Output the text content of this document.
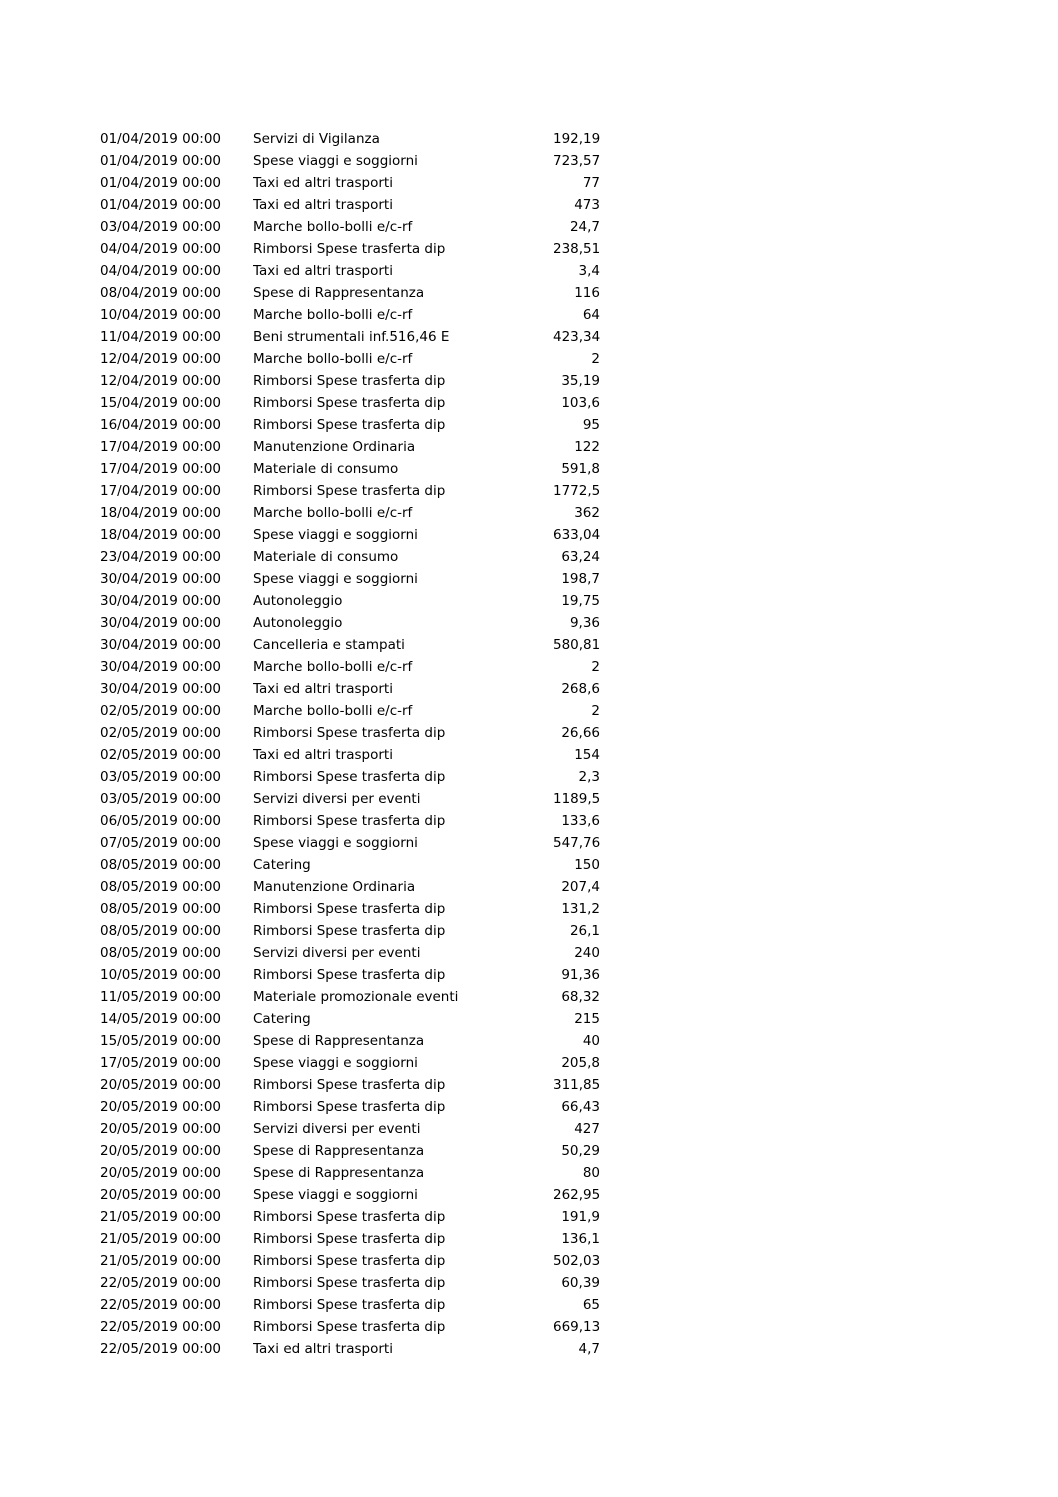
01/04/2019 00:00	Servizi di Vigilanza	192,19
01/04/2019 00:00	Spese viaggi e soggiorni	723,57
01/04/2019 00:00	Taxi ed altri trasporti	77
01/04/2019 00:00	Taxi ed altri trasporti	473
03/04/2019 00:00	Marche bollo-bolli e/c-rf	24,7
04/04/2019 00:00	Rimborsi Spese trasferta dip	238,51
04/04/2019 00:00	Taxi ed altri trasporti	3,4
08/04/2019 00:00	Spese di Rappresentanza	116
10/04/2019 00:00	Marche bollo-bolli e/c-rf	64
11/04/2019 00:00	Beni strumentali inf.516,46 E	423,34
12/04/2019 00:00	Marche bollo-bolli e/c-rf	2
12/04/2019 00:00	Rimborsi Spese trasferta dip	35,19
15/04/2019 00:00	Rimborsi Spese trasferta dip	103,6
16/04/2019 00:00	Rimborsi Spese trasferta dip	95
17/04/2019 00:00	Manutenzione Ordinaria	122
17/04/2019 00:00	Materiale di consumo	591,8
17/04/2019 00:00	Rimborsi Spese trasferta dip	1772,5
18/04/2019 00:00	Marche bollo-bolli e/c-rf	362
18/04/2019 00:00	Spese viaggi e soggiorni	633,04
23/04/2019 00:00	Materiale di consumo	63,24
30/04/2019 00:00	Spese viaggi e soggiorni	198,7
30/04/2019 00:00	Autonoleggio	19,75
30/04/2019 00:00	Autonoleggio	9,36
30/04/2019 00:00	Cancelleria e stampati	580,81
30/04/2019 00:00	Marche bollo-bolli e/c-rf	2
30/04/2019 00:00	Taxi ed altri trasporti	268,6
02/05/2019 00:00	Marche bollo-bolli e/c-rf	2
02/05/2019 00:00	Rimborsi Spese trasferta dip	26,66
02/05/2019 00:00	Taxi ed altri trasporti	154
03/05/2019 00:00	Rimborsi Spese trasferta dip	2,3
03/05/2019 00:00	Servizi diversi per eventi	1189,5
06/05/2019 00:00	Rimborsi Spese trasferta dip	133,6
07/05/2019 00:00	Spese viaggi e soggiorni	547,76
08/05/2019 00:00	Catering	150
08/05/2019 00:00	Manutenzione Ordinaria	207,4
08/05/2019 00:00	Rimborsi Spese trasferta dip	131,2
08/05/2019 00:00	Rimborsi Spese trasferta dip	26,1
08/05/2019 00:00	Servizi diversi per eventi	240
10/05/2019 00:00	Rimborsi Spese trasferta dip	91,36
11/05/2019 00:00	Materiale promozionale eventi	68,32
14/05/2019 00:00	Catering	215
15/05/2019 00:00	Spese di Rappresentanza	40
17/05/2019 00:00	Spese viaggi e soggiorni	205,8
20/05/2019 00:00	Rimborsi Spese trasferta dip	311,85
20/05/2019 00:00	Rimborsi Spese trasferta dip	66,43
20/05/2019 00:00	Servizi diversi per eventi	427
20/05/2019 00:00	Spese di Rappresentanza	50,29
20/05/2019 00:00	Spese di Rappresentanza	80
20/05/2019 00:00	Spese viaggi e soggiorni	262,95
21/05/2019 00:00	Rimborsi Spese trasferta dip	191,9
21/05/2019 00:00	Rimborsi Spese trasferta dip	136,1
21/05/2019 00:00	Rimborsi Spese trasferta dip	502,03
22/05/2019 00:00	Rimborsi Spese trasferta dip	60,39
22/05/2019 00:00	Rimborsi Spese trasferta dip	65
22/05/2019 00:00	Rimborsi Spese trasferta dip	669,13
22/05/2019 00:00	Taxi ed altri trasporti	4,7
